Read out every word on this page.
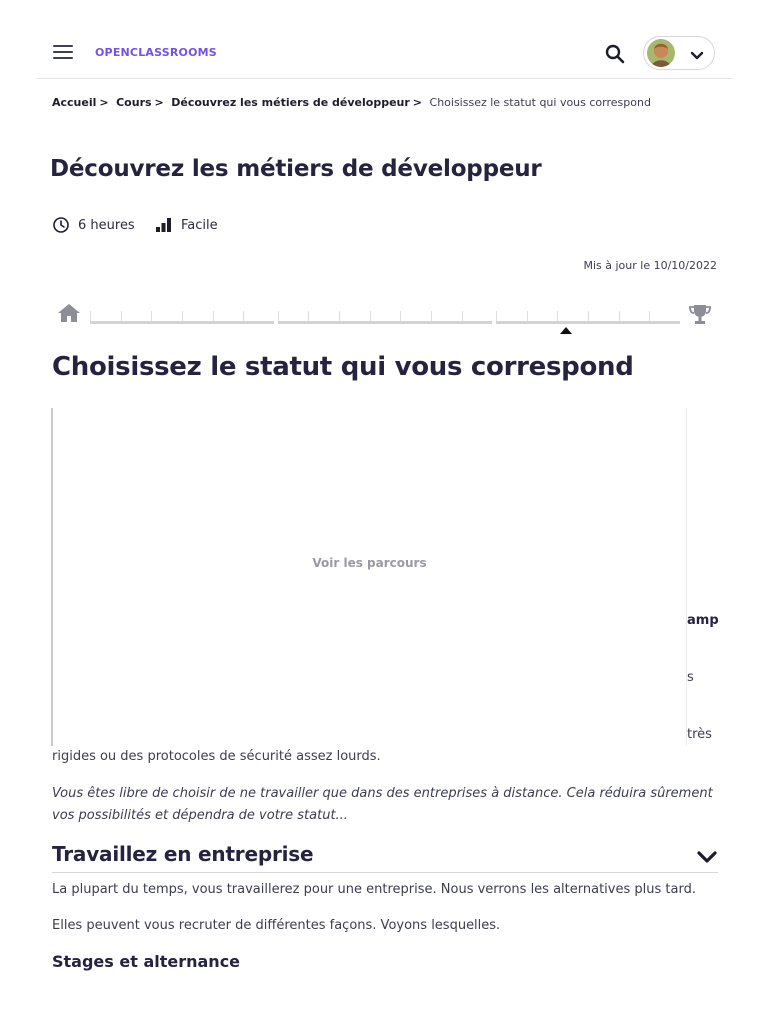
OPENCLASSROOMS
Accueil > Cours > Découvrez les métiers de développeur > Choisissez le statut qui vous correspond
Découvrez les métiers de développeur
6 heures	Facile
Mis à jour le 10/10/2022
Choisissez le statut qui vous correspond
amp
s
très
Voir les parcours

rigides ou des protocoles de sécurité assez lourds.

Vous êtes libre de choisir de ne travailler que dans des entreprises à distance. Cela réduira sûrement vos possibilités et dépendra de votre statut...

Travaillez en entreprise

La plupart du temps, vous travaillerez pour une entreprise. Nous verrons les alternatives plus tard.

Elles peuvent vous recruter de différentes façons. Voyons lesquelles.

Stages et alternance
